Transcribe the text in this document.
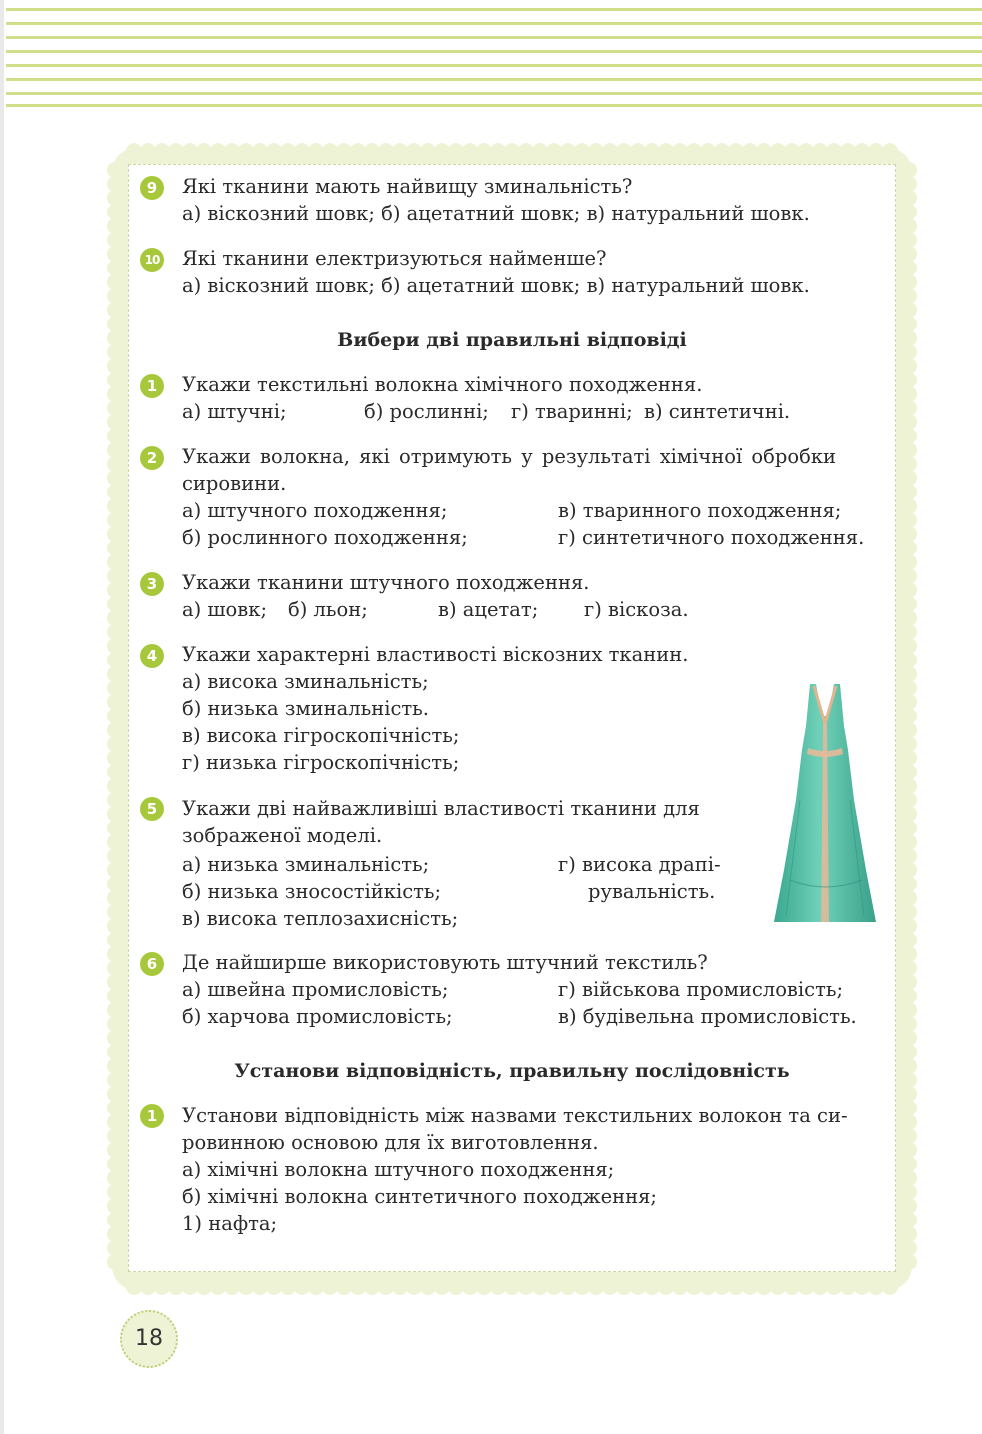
9	Які тканини мають найвищу зминальність?
а) віскозний шовк; б) ацетатний шовк; в) натуральний шовк.
10 Які тканини електризуються найменше?
а) віскозний шовк; б) ацетатний шовк; в) натуральний шовк.
Вибери дві правильні відповіді
1	Укажи текстильні волокна хімічного походження.
а) штучні;	б) рослинні; г) тваринні; в) синтетичні.
2	Укажи волокна, які отримують у результаті хімічної обробки
сировини.
а) штучного походження;	в) тваринного походження;
б) рослинного походження;	г) синтетичного походження.
3	Укажи тканини штучного походження.
а) шовк; б) льон;	в) ацетат; г) віскоза.
4	Укажи характерні властивості віскозних тканин.
а) висока зминальність;
б) низька зминальність.
в) висока гігроскопічність;
г) низька гігроскопічність;
5	Укажи дві найважливіші властивості тканини для
зображеної моделі.
а) низька зминальність;	г) висока драпі-
б) низька зносостійкість;	рувальність.
в) висока теплозахисність;
6	Де найширше використовують штучний текстиль?
а) швейна промисловість;	г) військова промисловість;
б) харчова промисловість;	в) будівельна промисловість.
Установи відповідність, правильну послідовність
1	Установи відповідність між назвами текстильних волокон та си-
ровинною основою для їх виготовлення.
а) хімічні волокна штучного походження;
б) хімічні волокна синтетичного походження;
1) нафта;
18
